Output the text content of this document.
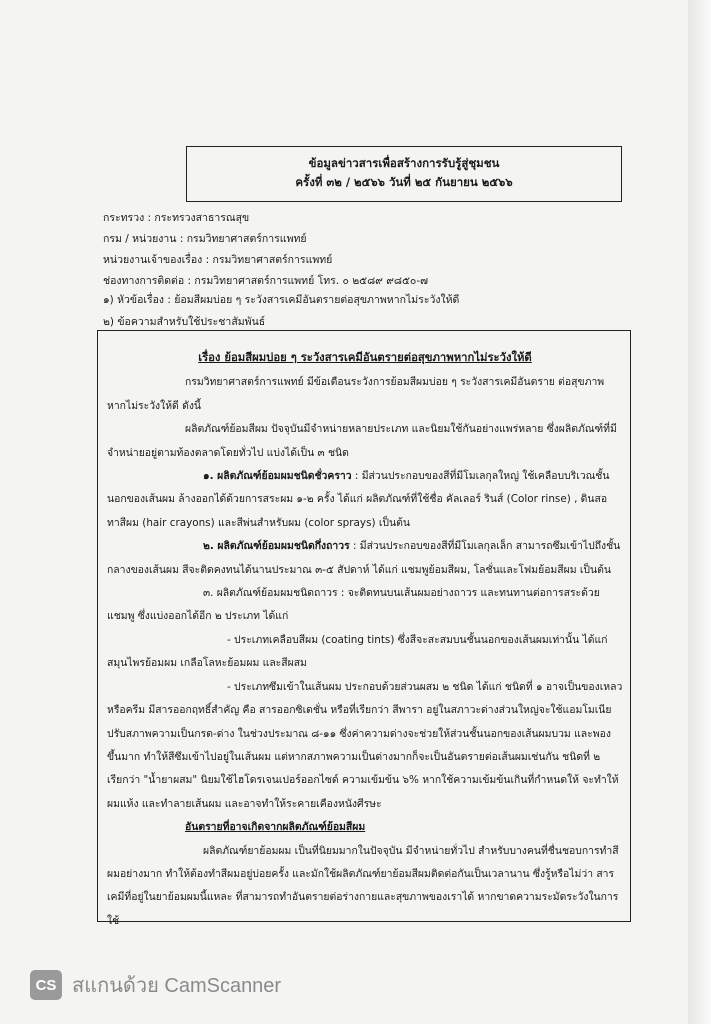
ข้อมูลข่าวสารเพื่อสร้างการรับรู้สู่ชุมชน
ครั้งที่ ๓๒ / ๒๕๖๖ วันที่ ๒๕ กันยายน ๒๕๖๖
กระทรวง : กระทรวงสาธารณสุข
กรม / หน่วยงาน : กรมวิทยาศาสตร์การแพทย์
หน่วยงานเจ้าของเรื่อง : กรมวิทยาศาสตร์การแพทย์
ช่องทางการติดต่อ : กรมวิทยาศาสตร์การแพทย์ โทร. ๐ ๒๕๘๙ ๙๘๕๐-๗
๑) หัวข้อเรื่อง : ย้อมสีผมบ่อย ๆ ระวังสารเคมีอันตรายต่อสุขภาพหากไม่ระวังให้ดี
๒) ข้อความสำหรับใช้ประชาสัมพันธ์

เรื่อง ย้อมสีผมบ่อย ๆ ระวังสารเคมีอันตรายต่อสุขภาพหากไม่ระวังให้ดี

กรมวิทยาศาสตร์การแพทย์ มีข้อเตือนระวังการย้อมสีผมบ่อย ๆ ระวังสารเคมีอันตราย ต่อสุขภาพ หากไม่ระวังให้ดี ดังนี้

ผลิตภัณฑ์ย้อมสีผม ปัจจุบันมีจำหน่ายหลายประเภท และนิยมใช้กันอย่างแพร่หลาย ซึ่งผลิตภัณฑ์ที่มีจำหน่ายอยู่ตามท้องตลาดโดยทั่วไป แบ่งได้เป็น ๓ ชนิด

๑. ผลิตภัณฑ์ย้อมผมชนิดชั่วคราว : มีส่วนประกอบของสีที่มีโมเลกุลใหญ่ ใช้เคลือบบริเวณชั้นนอกของเส้นผม ล้างออกได้ด้วยการสระผม ๑-๒ ครั้ง ได้แก่ ผลิตภัณฑ์ที่ใช้ชื่อ คัลเลอร์ รินส์ (Color rinse) , ดินสอทาสีผม (hair crayons) และสีพ่นสำหรับผม (color sprays) เป็นต้น

๒. ผลิตภัณฑ์ย้อมผมชนิดกึ่งถาวร : มีส่วนประกอบของสีที่มีโมเลกุลเล็ก สามารถซึมเข้าไปถึงชั้นกลางของเส้นผม สีจะติดคงทนได้นานประมาณ ๓-๕ สัปดาห์ ได้แก่ แชมพูย้อมสีผม, โลชั่นและโฟมย้อมสีผม เป็นต้น

๓. ผลิตภัณฑ์ย้อมผมชนิดถาวร : จะติดทนบนเส้นผมอย่างถาวร และทนทานต่อการสระด้วยแชมพู ซึ่งแบ่งออกได้อีก ๒ ประเภท ได้แก่

- ประเภทเคลือบสีผม (coating tints) ซึ่งสีจะสะสมบนชั้นนอกของเส้นผมเท่านั้น ได้แก่ สมุนไพรย้อมผม เกลือโลหะย้อมผม และสีผสม

- ประเภทซึมเข้าในเส้นผม ประกอบด้วยส่วนผสม ๒ ชนิด ได้แก่ ชนิดที่ ๑ อาจเป็นของเหลวหรือครีม มีสารออกฤทธิ์สำคัญ คือ สารออกซิเดชั่น หรือที่เรียกว่า สีพารา อยู่ในสภาวะด่างส่วนใหญ่จะใช้แอมโมเนียปรับสภาพความเป็นกรด-ด่าง ในช่วงประมาณ ๘-๑๑ ซึ่งค่าความด่างจะช่วยให้ส่วนชั้นนอกของเส้นผมบวม และพองขึ้นมาก ทำให้สีซึมเข้าไปอยู่ในเส้นผม แต่หากสภาพความเป็นด่างมากก็จะเป็นอันตรายต่อเส้นผมเช่นกัน ชนิดที่ ๒ เรียกว่า "น้ำยาผสม" นิยมใช้ไฮโดรเจนเปอร์ออกไซด์ ความเข้มข้น ๖% หากใช้ความเข้มข้นเกินที่กำหนดให้ จะทำให้ผมแห้ง และทำลายเส้นผม และอาจทำให้ระคายเคืองหนังศีรษะ

อันตรายที่อาจเกิดจากผลิตภัณฑ์ย้อมสีผม

ผลิตภัณฑ์ยาย้อมผม เป็นที่นิยมมากในปัจจุบัน มีจำหน่ายทั่วไป สำหรับบางคนที่ชื่นชอบการทำสีผมอย่างมาก ทำให้ต้องทำสีผมอยู่บ่อยครั้ง และมักใช้ผลิตภัณฑ์ยาย้อมสีผมติดต่อกันเป็นเวลานาน ซึ่งรู้หรือไม่ว่า สารเคมีที่อยู่ในยาย้อมผมนี้แหละ ที่สามารถทำอันตรายต่อร่างกายและสุขภาพของเราได้ หากขาดความระมัดระวังในการใช้

CS สแกนด้วย CamScanner
